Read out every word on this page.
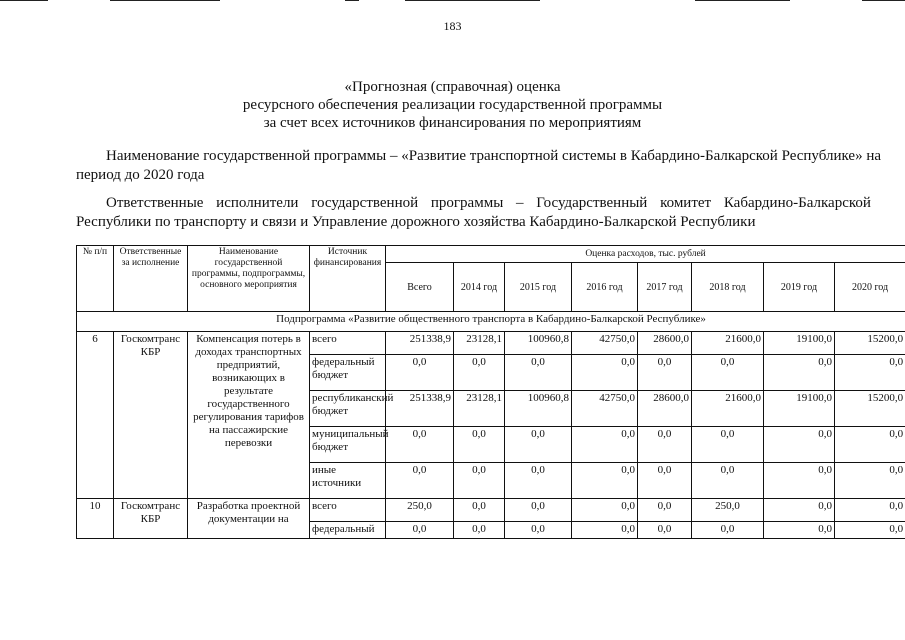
183
«Прогнозная (справочная) оценка
ресурсного обеспечения реализации государственной программы
за счет всех источников финансирования по мероприятиям
Наименование государственной программы – «Развитие транспортной системы в Кабардино-Балкарской Республике» на
период до 2020 года
Ответственные исполнители государственной программы – Государственный комитет Кабардино-Балкарской
Республики по транспорту и связи и Управление дорожного хозяйства Кабардино-Балкарской Республики
№ п/п	Ответственные за исполнение	Наименование государственной программы, подпрограммы, основного мероприятия	Источник финансирования	Оценка расходов, тыс. рублей							
				Всего	2014 год	2015 год	2016 год	2017 год	2018 год	2019 год	2020 год
Подпрограмма «Развитие общественного транспорта в Кабардино-Балкарской Республике»											
6	Госкомтранс КБР	Компенсация потерь в доходах транспортных предприятий, возникающих в результате государственного регулирования тарифов на пассажирские перевозки	всего	251338,9	23128,1	100960,8	42750,0	28600,0	21600,0	19100,0	15200,0
			федеральный бюджет	0,0	0,0	0,0	0,0	0,0	0,0	0,0	0,0
			республиканский бюджет	251338,9	23128,1	100960,8	42750,0	28600,0	21600,0	19100,0	15200,0
			муниципальный бюджет	0,0	0,0	0,0	0,0	0,0	0,0	0,0	0,0
			иные источники	0,0	0,0	0,0	0,0	0,0	0,0	0,0	0,0
10	Госкомтранс КБР	Разработка проектной документации на	всего	250,0	0,0	0,0	0,0	0,0	250,0	0,0	0,0
			федеральный	0,0	0,0	0,0	0,0	0,0	0,0	0,0	0,0
